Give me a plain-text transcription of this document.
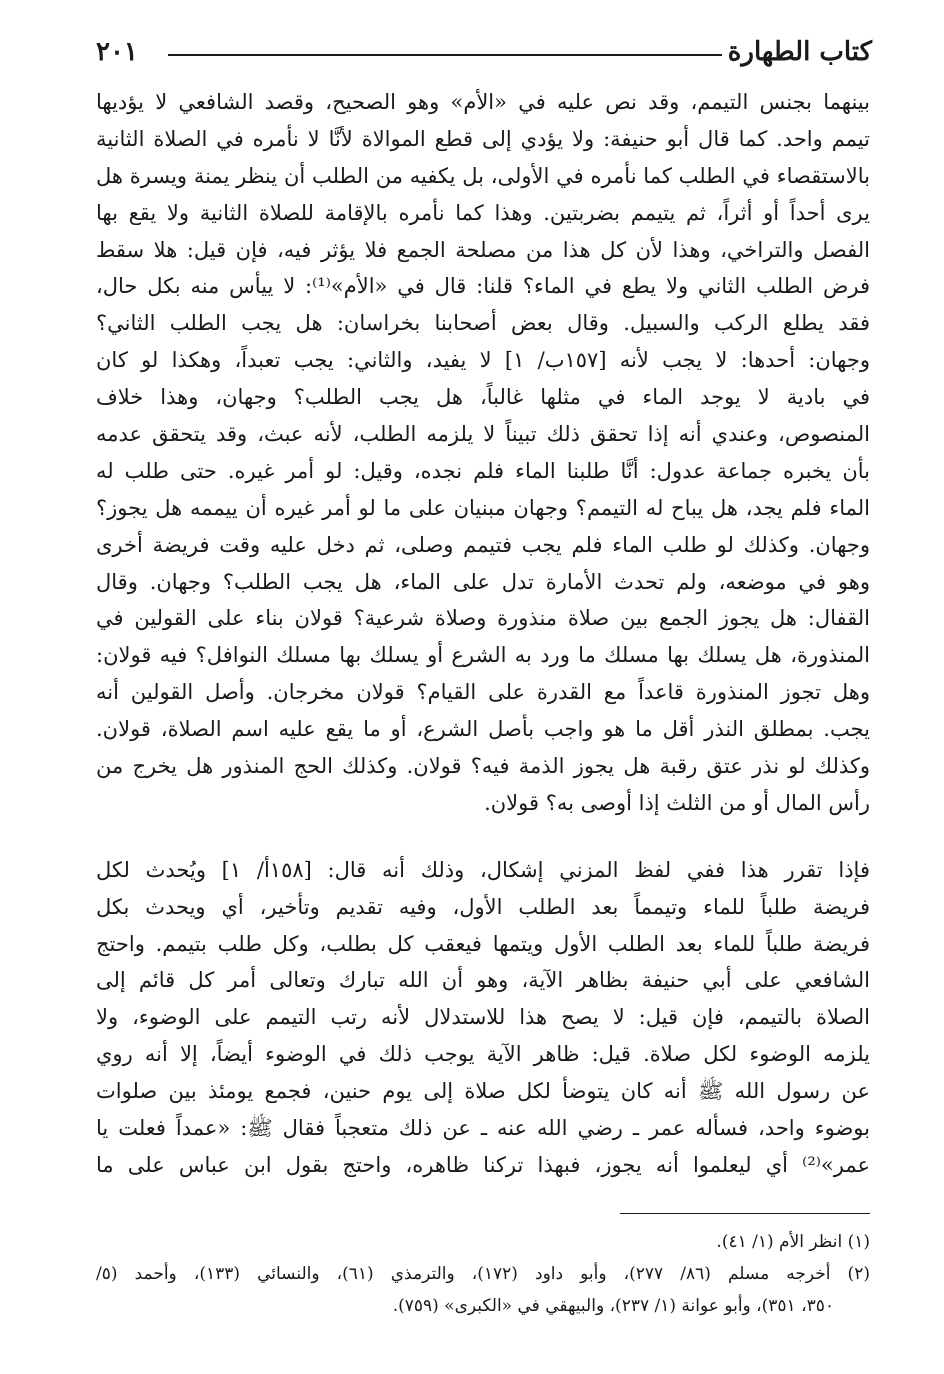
كتاب الطهارة
٢٠١
بينهما بجنس التيمم، وقد نص عليه في «الأم» وهو الصحيح، وقصد الشافعي لا يؤديها
تيمم واحد. كما قال أبو حنيفة: ولا يؤدي إلى قطع الموالاة لأنَّا لا نأمره في الصلاة الثانية
بالاستقصاء في الطلب كما نأمره في الأولى، بل يكفيه من الطلب أن ينظر يمنة ويسرة هل
يرى أحداً أو أثراً، ثم يتيمم بضربتين. وهذا كما نأمره بالإقامة للصلاة الثانية ولا يقع بها
الفصل والتراخي، وهذا لأن كل هذا من مصلحة الجمع فلا يؤثر فيه، فإن قيل: هلا سقط
فرض الطلب الثاني ولا يطع في الماء؟ قلنا: قال في «الأم»⁽¹⁾: لا ييأس منه بكل حال،
فقد يطلع الركب والسبيل. وقال بعض أصحابنا بخراسان: هل يجب الطلب الثاني؟
وجهان: أحدها: لا يجب لأنه [١٥٧ب/ ١] لا يفيد، والثاني: يجب تعبداً، وهكذا لو كان
في بادية لا يوجد الماء في مثلها غالباً، هل يجب الطلب؟ وجهان، وهذا خلاف
المنصوص، وعندي أنه إذا تحقق ذلك تبيناً لا يلزمه الطلب، لأنه عبث، وقد يتحقق عدمه
بأن يخبره جماعة عدول: أنَّا طلبنا الماء فلم نجده، وقيل: لو أمر غيره. حتى طلب له
الماء فلم يجد، هل يباح له التيمم؟ وجهان مبنيان على ما لو أمر غيره أن ييممه هل يجوز؟
وجهان. وكذلك لو طلب الماء فلم يجب فتيمم وصلى، ثم دخل عليه وقت فريضة أخرى
وهو في موضعه، ولم تحدث الأمارة تدل على الماء، هل يجب الطلب؟ وجهان. وقال
القفال: هل يجوز الجمع بين صلاة منذورة وصلاة شرعية؟ قولان بناء على القولين في
المنذورة، هل يسلك بها مسلك ما ورد به الشرع أو يسلك بها مسلك النوافل؟ فيه قولان:
وهل تجوز المنذورة قاعداً مع القدرة على القيام؟ قولان مخرجان. وأصل القولين أنه
يجب. بمطلق النذر أقل ما هو واجب بأصل الشرع، أو ما يقع عليه اسم الصلاة، قولان.
وكذلك لو نذر عتق رقبة هل يجوز الذمة فيه؟ قولان. وكذلك الحج المنذور هل يخرج من
رأس المال أو من الثلث إذا أوصى به؟ قولان.
فإذا تقرر هذا ففي لفظ المزني إشكال، وذلك أنه قال: [١٥٨أ/ ١] ويُحدث لكل
فريضة طلباً للماء وتيمماً بعد الطلب الأول، وفيه تقديم وتأخير، أي ويحدث بكل
فريضة طلباً للماء بعد الطلب الأول ويتمها فيعقب كل بطلب، وكل طلب بتيمم. واحتج
الشافعي على أبي حنيفة بظاهر الآية، وهو أن الله تبارك وتعالى أمر كل قائم إلى
الصلاة بالتيمم، فإن قيل: لا يصح هذا للاستدلال لأنه رتب التيمم على الوضوء، ولا
يلزمه الوضوء لكل صلاة. قيل: ظاهر الآية يوجب ذلك في الوضوء أيضاً، إلا أنه روي
عن رسول الله ﷺ أنه كان يتوضأ لكل صلاة إلى يوم حنين، فجمع يومئذ بين صلوات
بوضوء واحد، فسأله عمر ـ رضي الله عنه ـ عن ذلك متعجباً فقال ﷺ: «عمداً فعلت يا
عمر»⁽²⁾ أي ليعلموا أنه يجوز، فبهذا تركنا ظاهره، واحتج بقول ابن عباس على ما
(١) انظر الأم (١/ ٤١).
(٢) أخرجه مسلم (٨٦/ ٢٧٧)، وأبو داود (١٧٢)، والترمذي (٦١)، والنسائي (١٣٣)، وأحمد (٥/
٣٥٠، ٣٥١)، وأبو عوانة (١/ ٢٣٧)، والبيهقي في «الكبرى» (٧٥٩).
